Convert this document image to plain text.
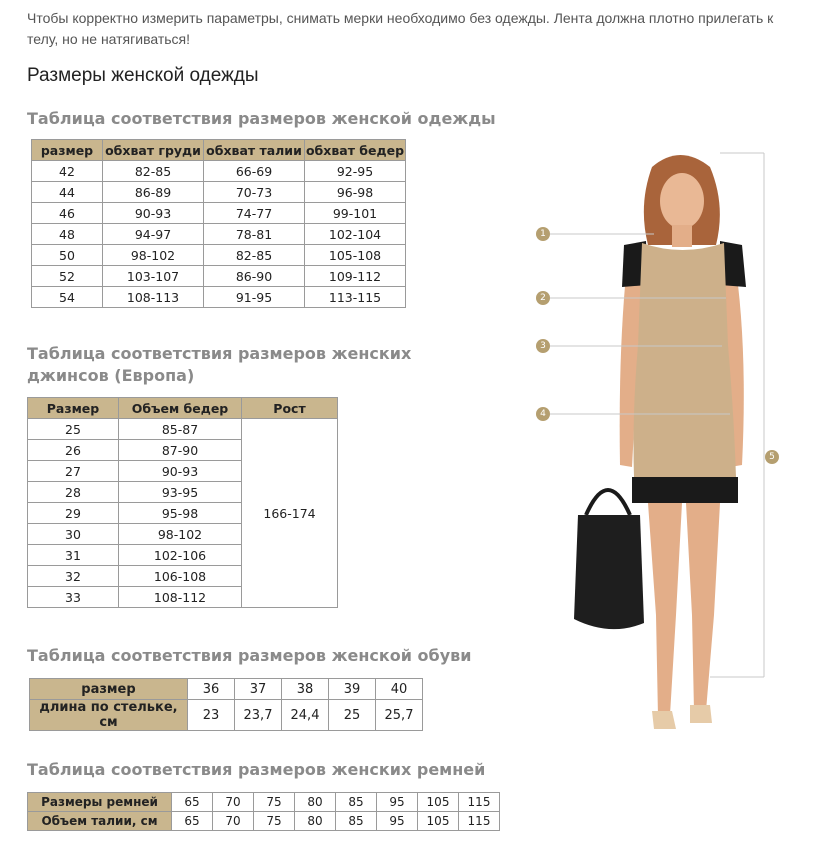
Чтобы корректно измерить параметры, снимать мерки необходимо без одежды. Лента должна плотно прилегать к телу, но не натягиваться!
Размеры женской одежды
Таблица соответствия размеров женской одежды
размер	обхват груди	обхват талии	обхват бедер
42	82-85	66-69	92-95
44	86-89	70-73	96-98
46	90-93	74-77	99-101
48	94-97	78-81	102-104
50	98-102	82-85	105-108
52	103-107	86-90	109-112
54	108-113	91-95	113-115
Таблица соответствия размеров женских джинсов (Европа)
Размер	Объем бедер	Рост
25	85-87	166-174
26	87-90	
27	90-93	
28	93-95	
29	95-98	
30	98-102	
31	102-106	
32	106-108	
33	108-112	
Таблица соответствия размеров женской обуви
размер	36	37	38	39	40
длина по стельке, см	23	23,7	24,4	25	25,7
Таблица соответствия размеров женских ремней
Размеры ремней	65	70	75	80	85	95	105	115
Объем талии, см	65	70	75	80	85	95	105	115
1
2
3
4
5
